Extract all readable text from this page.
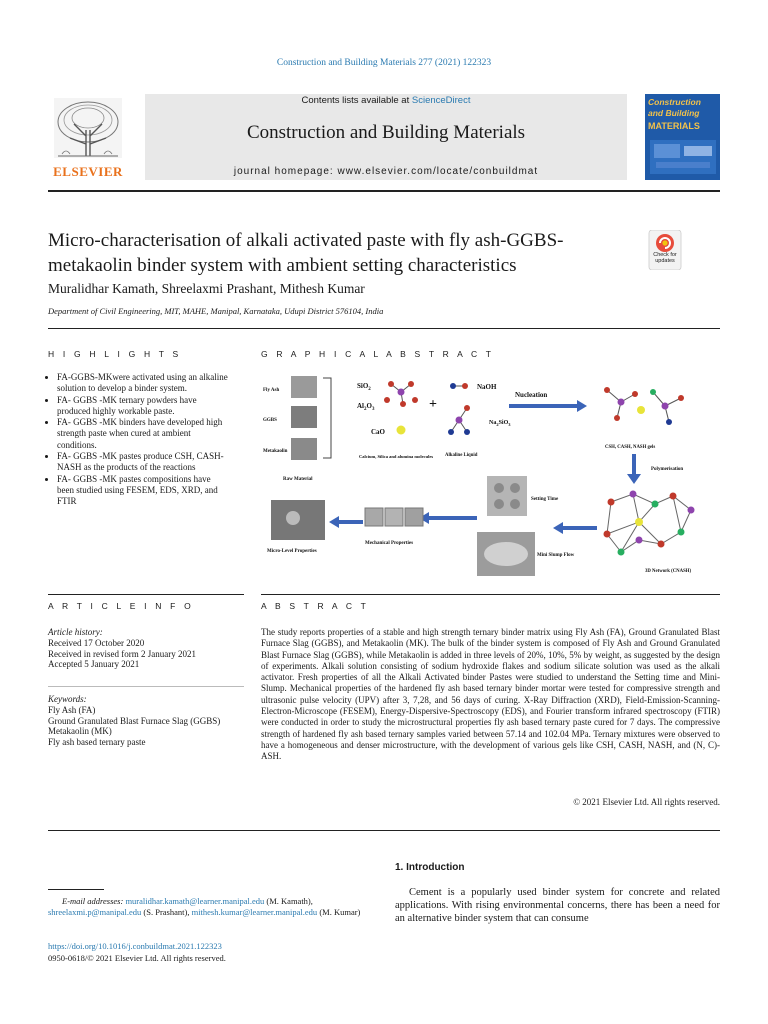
Construction and Building Materials 277 (2021) 122323
Contents lists available at ScienceDirect
Construction and Building Materials
journal homepage: www.elsevier.com/locate/conbuildmat
ELSEVIER
Construction and Building
MATERIALS
Micro-characterisation of alkali activated paste with fly ash-GGBS-metakaolin binder system with ambient setting characteristics	Check for updates
Muralidhar Kamath, Shreelaxmi Prashant, Mithesh Kumar
Department of Civil Engineering, MIT, MAHE, Manipal, Karnataka, Udupi District 576104, India
H I G H L I G H T S
• FA-GGBS-MKwere activated using an alkaline solution to develop a binder system.
• FA- GGBS -MK ternary powders have produced highly workable paste.
• FA- GGBS -MK binders have developed high strength paste when cured at ambient conditions.
• FA- GGBS -MK pastes produce CSH, CASH-NASH as the products of the reactions
• FA- GGBS -MK pastes compositions have been studied using FESEM, EDS, XRD, and FTIR
G R A P H I C A L A B S T R A C T
Fly Ash
GGBS
Metakaolin
Raw Material
SiO$_2$
$Al_2O_3$
CaO
Calcium, Silica and alumina molecules
+
NaOH
$Na_2SiO_3$
Alkaline Liquid
Nucleation
CSH, CASH, NASH gels
Polymerisation
3D Network (CNASH)
Setting Time
Mini Slump Flow
Mechanical Properties
Micro-Level Properties
A R T I C L E I N F O
Article history:
Received 17 October 2020
Received in revised form 2 January 2021
Accepted 5 January 2021
Keywords:
Fly Ash (FA)
Ground Granulated Blast Furnace Slag (GGBS)
Metakaolin (MK)
Fly ash based ternary paste
A B S T R A C T
The study reports properties of a stable and high strength ternary binder matrix using Fly Ash (FA), Ground Granulated Blast Furnace Slag (GGBS), and Metakaolin (MK). The bulk of the binder system is composed of Fly Ash and Ground Granulated Blast Furnace Slag (GGBS), while Metakaolin is added in three levels of 20%, 10%, 5% by weight, as suggested by the design of experiments. Alkali solution consisting of sodium hydroxide flakes and sodium silicate solution was used as the alkali activator. Fresh properties of all the Alkali Activated binder Pastes were studied to understand the Setting time and Mini-Slump. Mechanical properties of the hardened fly ash based ternary binder mortar were tested for compressive strength and ultrasonic pulse velocity (UPV) after 3, 7,28, and 56 days of curing. X-Ray Diffraction (XRD), Field-Emission-Scanning-Electron-Microscope (FESEM), Energy-Dispersive-Spectroscopy (EDS), and Fourier transform infrared spectroscopy (FTIR) were conducted in order to study the microstructural properties fly ash based ternary paste cured for 7 days. The compressive strength of hardened fly ash based ternary samples varied between 57.14 and 102.04 MPa. Ternary mixtures were observed to have a homogeneous and denser microstructure, with the development of various gels like CSH, CASH, NASH, and (N, C)-ASH.
© 2021 Elsevier Ltd. All rights reserved.
1. Introduction
Cement is a popularly used binder system for concrete and related applications. With rising environmental concerns, there has been a need for an alternative binder system that can consume
E-mail addresses: muralidhar.kamath@learner.manipal.edu (M. Kamath), shreelaxmi.p@manipal.edu (S. Prashant), mithesh.kumar@learner.manipal.edu (M. Kumar)
https://doi.org/10.1016/j.conbuildmat.2021.122323
0950-0618/© 2021 Elsevier Ltd. All rights reserved.
